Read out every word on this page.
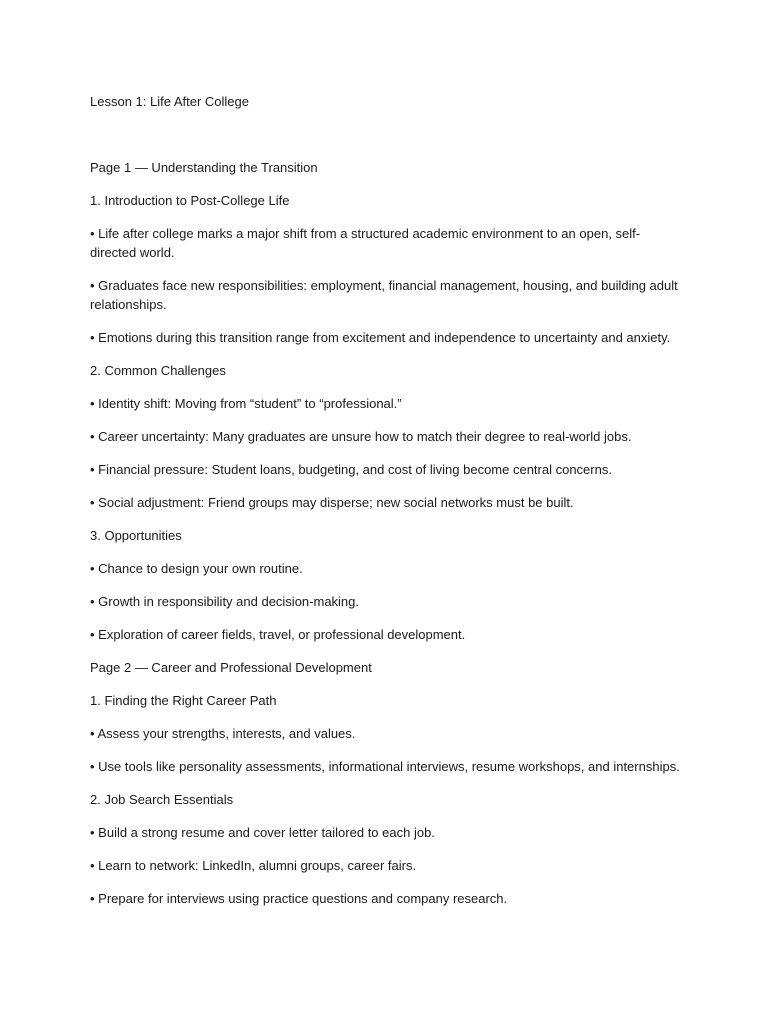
Lesson 1: Life After College

Page 1 — Understanding the Transition

1. Introduction to Post-College Life

• Life after college marks a major shift from a structured academic environment to an open, self-directed world.

• Graduates face new responsibilities: employment, financial management, housing, and building adult relationships.

• Emotions during this transition range from excitement and independence to uncertainty and anxiety.

2. Common Challenges

• Identity shift: Moving from “student” to “professional.”

• Career uncertainty: Many graduates are unsure how to match their degree to real-world jobs.

• Financial pressure: Student loans, budgeting, and cost of living become central concerns.

• Social adjustment: Friend groups may disperse; new social networks must be built.

3. Opportunities

• Chance to design your own routine.

• Growth in responsibility and decision-making.

• Exploration of career fields, travel, or professional development.

Page 2 — Career and Professional Development

1. Finding the Right Career Path

• Assess your strengths, interests, and values.

• Use tools like personality assessments, informational interviews, resume workshops, and internships.

2. Job Search Essentials

• Build a strong resume and cover letter tailored to each job.

• Learn to network: LinkedIn, alumni groups, career fairs.

• Prepare for interviews using practice questions and company research.
